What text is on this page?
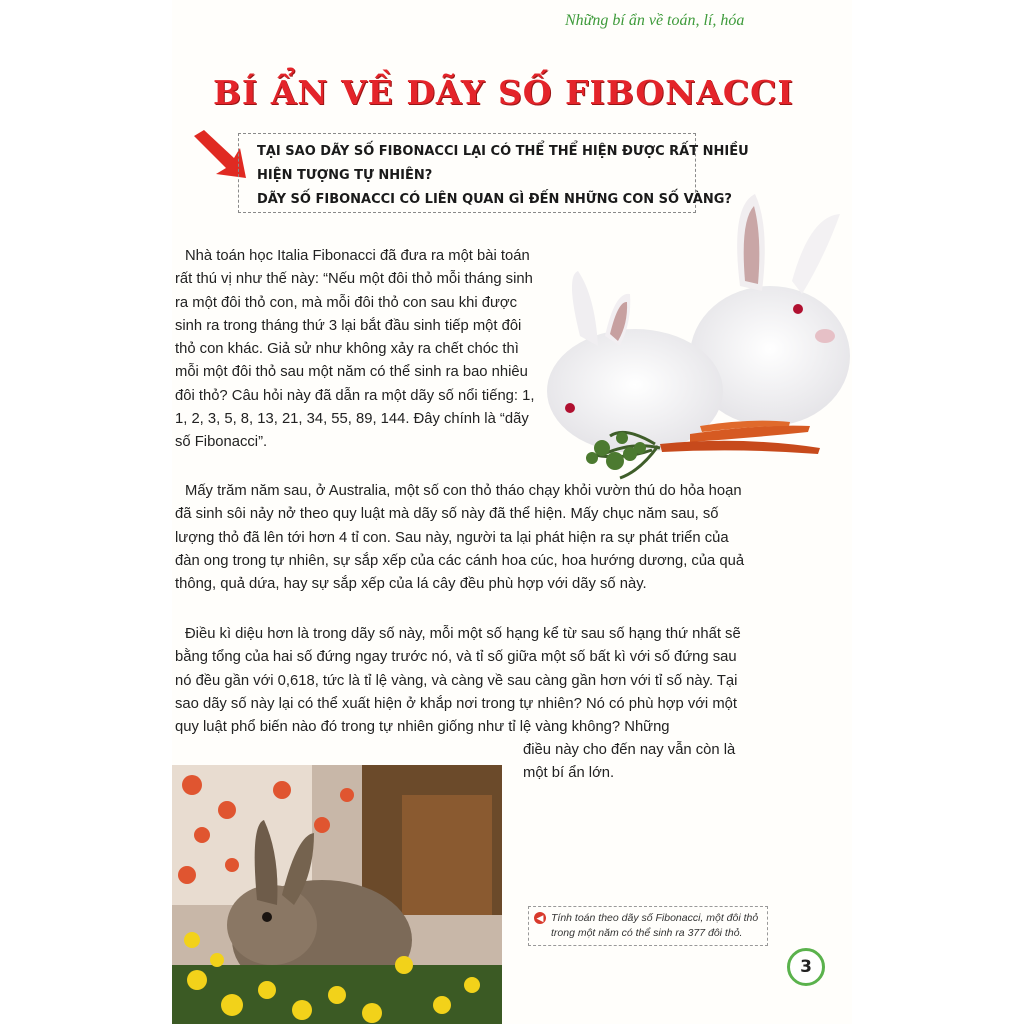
Những bí ẩn về toán, lí, hóa
BÍ ẨN VỀ DÃY SỐ FIBONACCI
TẠI SAO DÃY SỐ FIBONACCI LẠI CÓ THỂ THỂ HIỆN ĐƯỢC RẤT NHIỀU
HIỆN TƯỢNG TỰ NHIÊN?
DÃY SỐ FIBONACCI CÓ LIÊN QUAN GÌ ĐẾN NHỮNG CON SỐ VÀNG?

Nhà toán học Italia Fibonacci đã đưa ra một bài toán rất thú vị như thế này: “Nếu một đôi thỏ mỗi tháng sinh ra một đôi thỏ con, mà mỗi đôi thỏ con sau khi được sinh ra trong tháng thứ 3 lại bắt đầu sinh tiếp một đôi thỏ con khác. Giả sử như không xảy ra chết chóc thì mỗi một đôi thỏ sau một năm có thể sinh ra bao nhiêu đôi thỏ? Câu hỏi này đã dẫn ra một dãy số nổi tiếng: 1, 1, 2, 3, 5, 8, 13, 21, 34, 55, 89, 144. Đây chính là “dãy số Fibonacci”.

Mấy trăm năm sau, ở Australia, một số con thỏ tháo chạy khỏi vườn thú do hỏa hoạn đã sinh sôi nảy nở theo quy luật mà dãy số này đã thể hiện. Mấy chục năm sau, số lượng thỏ đã lên tới hơn 4 tỉ con. Sau này, người ta lại phát hiện ra sự phát triển của đàn ong trong tự nhiên, sự sắp xếp của các cánh hoa cúc, hoa hướng dương, của quả thông, quả dứa, hay sự sắp xếp của lá cây đều phù hợp với dãy số này.

Điều kì diệu hơn là trong dãy số này, mỗi một số hạng kể từ sau số hạng thứ nhất sẽ bằng tổng của hai số đứng ngay trước nó, và tỉ số giữa một số bất kì với số đứng sau nó đều gần với 0,618, tức là tỉ lệ vàng, và càng về sau càng gần hơn với tỉ số này. Tại sao dãy số này lại có thể xuất hiện ở khắp nơi trong tự nhiên? Nó có phù hợp với một quy luật phổ biến nào đó trong tự nhiên giống như tỉ lệ vàng không? Những

điều này cho đến nay vẫn còn là một bí ẩn lớn.

Tính toán theo dãy số Fibonacci, một đôi thỏ trong một năm có thể sinh ra 377 đôi thỏ.
◀
3
